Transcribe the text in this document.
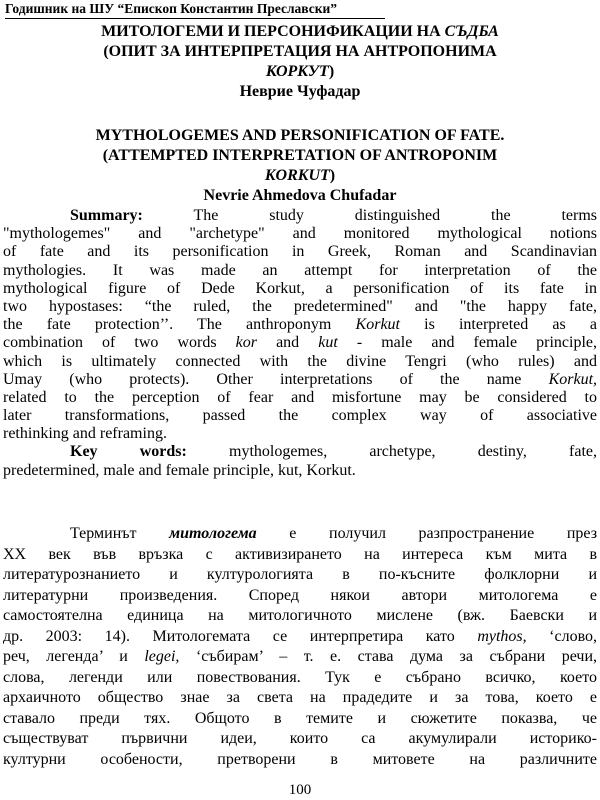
Годишник на ШУ “Епископ Константин Преславски”
МИТОЛОГЕМИ И ПЕРСОНИФИКАЦИИ НА СЪДБА
(ОПИТ ЗА ИНТЕРПРЕТАЦИЯ НА АНТРОПОНИМА
КОРКУТ)
Неврие Чуфадар
MYTHOLOGEMES AND PERSONIFICATION OF FATE.
(ATTEMPTED INTERPRETATION OF ANTROPONIM
KORKUT)
Nevrie Ahmedova Chufadar
Summary:	The study distinguished the terms
"mythologemes" and "archetype" and monitored mythological notions
of fate and its personification in Greek, Roman and Scandinavian
mythologies. It was made an attempt for interpretation of the
mythological figure of Dede Korkut, a personification of its fate in
two hypostases: “the ruled, the predetermined" and "the happy fate,
the fate protection’’. The anthroponym Korkut is interpreted as a
combination of two words kor and kut - male and female principle,
which is ultimately connected with the divine Tengri (who rules) and
Umay (who protects). Other interpretations of the name Korkut,
related to the perception of fear and misfortune may be considered to
later transformations, passed the complex way of associative
rethinking and reframing.
Key words:	mythologemes, archetype, destiny, fate,
predetermined, male and female principle, kut, Korkut.
Терминът митологема е получил разпространение през
ХХ век във връзка с активизирането на интереса към мита в
литературознанието и културологията в по-късните фолклорни и
литературни произведения. Според някои автори митологема е
самостоятелна единица на митологичното мислене (вж. Баевски и
др. 2003: 14). Митологемата се интерпретира като mythos, ‘слово,
реч, легенда’ и legei, ‘събирам’ – т. е. става дума за събрани речи,
слова, легенди или повествования. Тук е събрано всичко, което
архаичното общество знае за света на прадедите и за това, което е
ставало преди тях. Общото в темите и сюжетите показва, че
съществуват първични идеи, които са акумулирали историко-
културни особености, претворени в митовете на различните
100
